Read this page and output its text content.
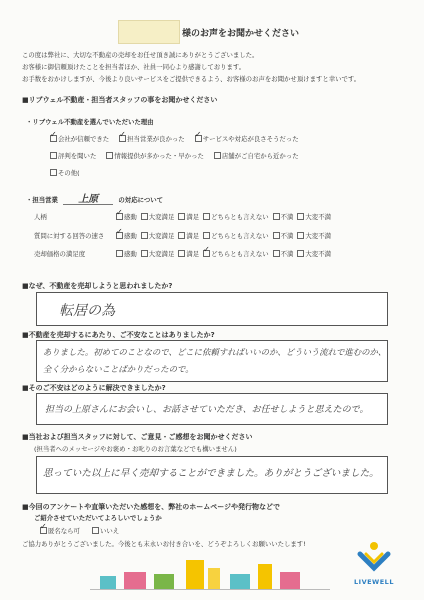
様のお声をお聞かせください
この度は弊社に、大切な不動産の売却をお任せ頂き誠にありがとうございました。
お客様に御信頼頂けたことを担当者ほか、社員一同心より感謝しております。
お手数をおかけしますが、今後より良いサービスをご提供できるよう、お客様のお声をお聞かせ頂けますと幸いです。
■リブウェル不動産・担当者スタッフの事をお聞かせください
・リブウェル不動産を選んでいただいた理由
✓会社が信頼できた ✓	担当営業が良かった ✓	サービスや対応が良さそうだった
評判を聞いた	情報提供が多かった・早かった	店舗がご自宅から近かった
その他(
・担当営業 上原	の対応について
人柄 ✓	感動 大変満足 満足 どちらとも言えない 不満 大変不満
質問に対する回答の速さ ✓	感動 大変満足 満足 どちらとも言えない 不満 大変不満
売却価格の満足度	感動 大変満足 満足 ✓ どちらとも言えない 不満 大変不満
■なぜ、不動産を売却しようと思われましたか?
転居の為
■不動産を売却するにあたり、ご不安なことはありましたか?
ありました。初めてのことなので、どこに依頼すればいいのか、どういう流れで進むのか、
全く分からないことばかりだったので。
■そのご不安はどのように解決できましたか?
担当の上原さんにお会いし、お話させていただき、お任せしようと思えたので。
■当社および担当スタッフに対して、ご意見・ご感想をお聞かせください
(担当者へのメッセージやお褒め・お叱りのお言葉などでも構いません)
思っていた以上に早く売却することができました。ありがとうございました。
■今回のアンケートや直筆いただいた感想を、弊社のホームページや発行物などで
ご紹介させていただいてよろしいでしょうか
✓匿名なら可	いいえ
ご協力ありがとうございました。今後とも末永いお付き合いを、どうぞよろしくお願いいたします!
LIVEWELL
